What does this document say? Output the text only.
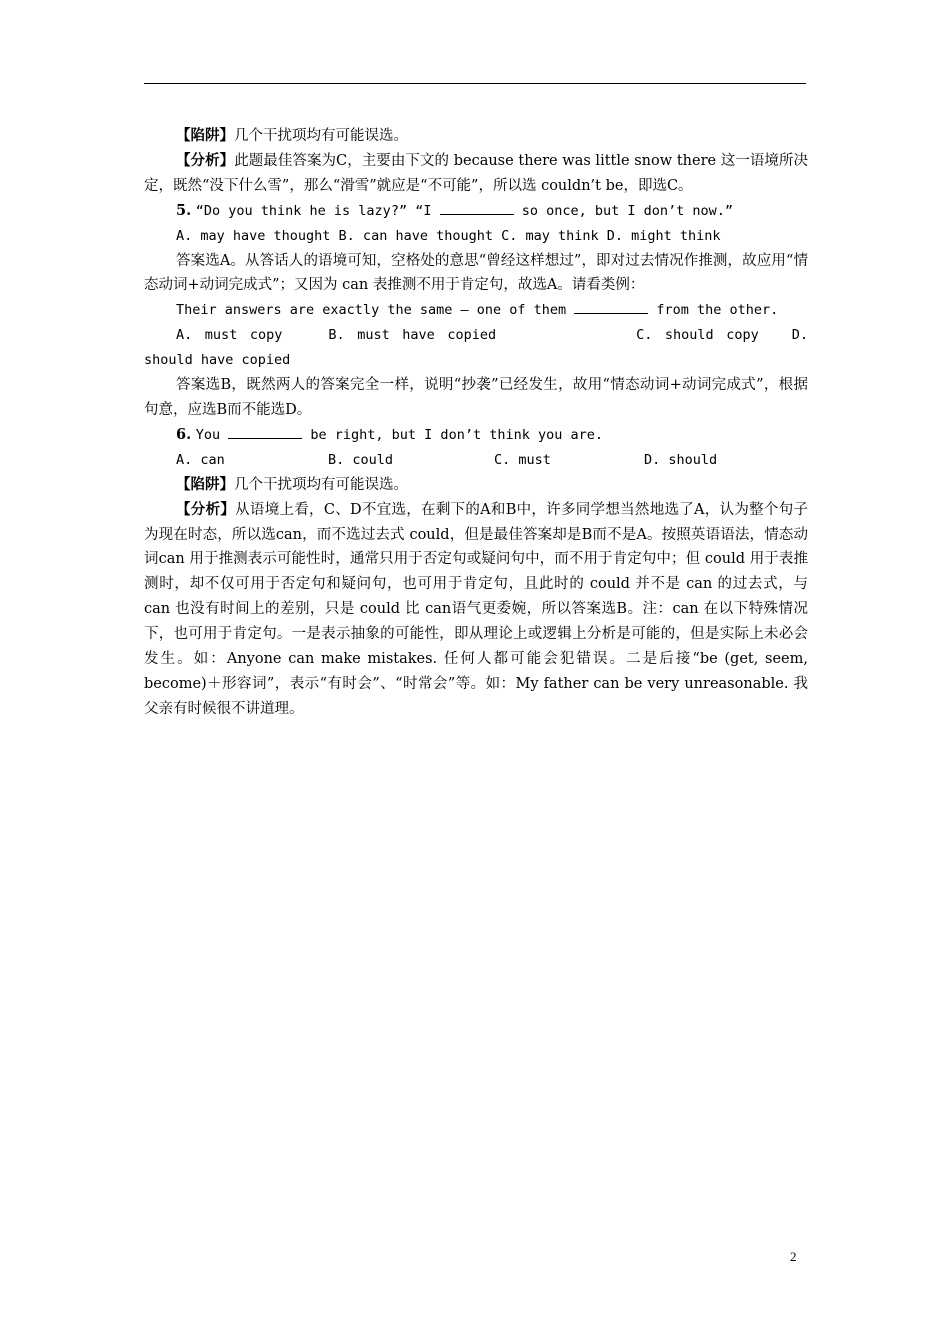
【陷阱】几个干扰项均有可能误选。

【分析】此题最佳答案为C，主要由下文的 because there was little snow there 这一语境所决定，既然“没下什么雪”，那么“滑雪”就应是“不可能”，所以选 couldn’t be，即选C。

5. “Do you think he is lazy?” “I	so once, but I don’t now.”

A. may have thought B. can have thought C. may think D. might think

答案选A。从答话人的语境可知，空格处的意思“曾经这样想过”，即对过去情况作推测，故应用“情态动词+动词完成式”；又因为 can 表推测不用于肯定句，故选A。请看类例：

Their answers are exactly the same — one of them	from the other.

A. must copy	B. must have copied	C. should copy D. should have copied

答案选B，既然两人的答案完全一样，说明“抄袭”已经发生，故用“情态动词+动词完成式”，根据句意，应选B而不能选D。

6. You	be right, but I don’t think you are.

A. can	B. could	C. must	D. should

【陷阱】几个干扰项均有可能误选。

【分析】从语境上看，C、D不宜选，在剩下的A和B中，许多同学想当然地选了A，认为整个句子为现在时态，所以选can，而不选过去式 could，但是最佳答案却是B而不是A。按照英语语法，情态动词can 用于推测表示可能性时，通常只用于否定句或疑问句中，而不用于肯定句中；但 could 用于表推测时，却不仅可用于否定句和疑问句，也可用于肯定句，且此时的 could 并不是 can 的过去式，与 can 也没有时间上的差别，只是 could 比 can语气更委婉，所以答案选B。注：can 在以下特殊情况下，也可用于肯定句。一是表示抽象的可能性，即从理论上或逻辑上分析是可能的，但是实际上未必会发生。如：Anyone can make mistakes. 任何人都可能会犯错误。二是后接“be (get, seem, become)＋形容词”，表示“有时会”、“时常会”等。如：My father can be very unreasonable. 我父亲有时候很不讲道理。

2
